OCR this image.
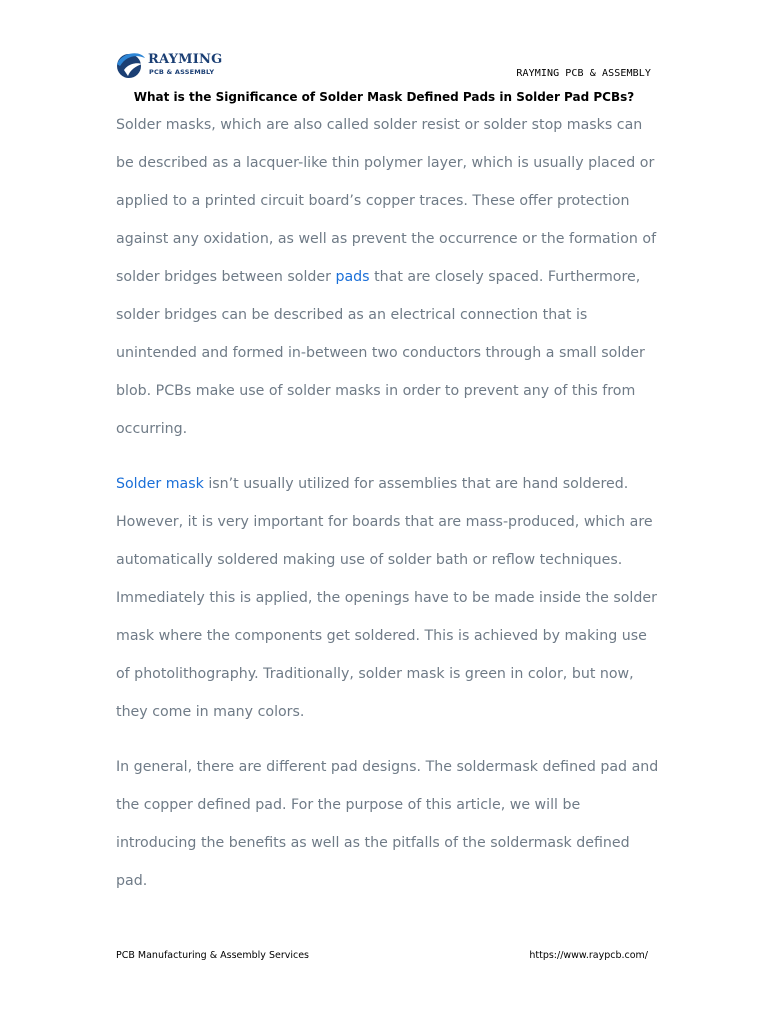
RAYMING
PCB & ASSEMBLY	RAYMING PCB & ASSEMBLY
What is the Significance of Solder Mask Defined Pads in Solder Pad PCBs?

Solder masks, which are also called solder resist or solder stop masks can be described as a lacquer-like thin polymer layer, which is usually placed or applied to a printed circuit board’s copper traces. These offer protection against any oxidation, as well as prevent the occurrence or the formation of solder bridges between solder pads that are closely spaced. Furthermore, solder bridges can be described as an electrical connection that is unintended and formed in-between two conductors through a small solder blob. PCBs make use of solder masks in order to prevent any of this from occurring.

Solder mask isn’t usually utilized for assemblies that are hand soldered. However, it is very important for boards that are mass-produced, which are automatically soldered making use of solder bath or reflow techniques. Immediately this is applied, the openings have to be made inside the solder mask where the components get soldered. This is achieved by making use of photolithography. Traditionally, solder mask is green in color, but now, they come in many colors.

In general, there are different pad designs. The soldermask defined pad and the copper defined pad. For the purpose of this article, we will be introducing the benefits as well as the pitfalls of the soldermask defined pad.

PCB Manufacturing & Assembly Services	https://www.raypcb.com/
